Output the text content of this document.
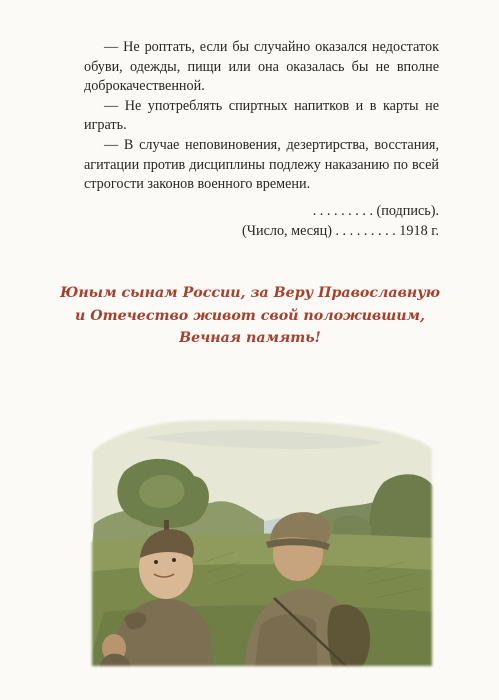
— Не роптать, если бы случайно оказался недостаток обуви, одежды, пищи или она оказалась бы не вполне доброкачественной.

— Не употреблять спиртных напитков и в карты не играть.

— В случае неповиновения, дезертирства, восстания, агитации против дисциплины подлежу наказанию по всей строгости законов военного времени.

. . . . . . . . . (подпись).
(Число, месяц) . . . . . . . . . 1918 г.
Юным сынам России, за Веру Православную
и Отечество живот свой положившим,
Вечная память!
